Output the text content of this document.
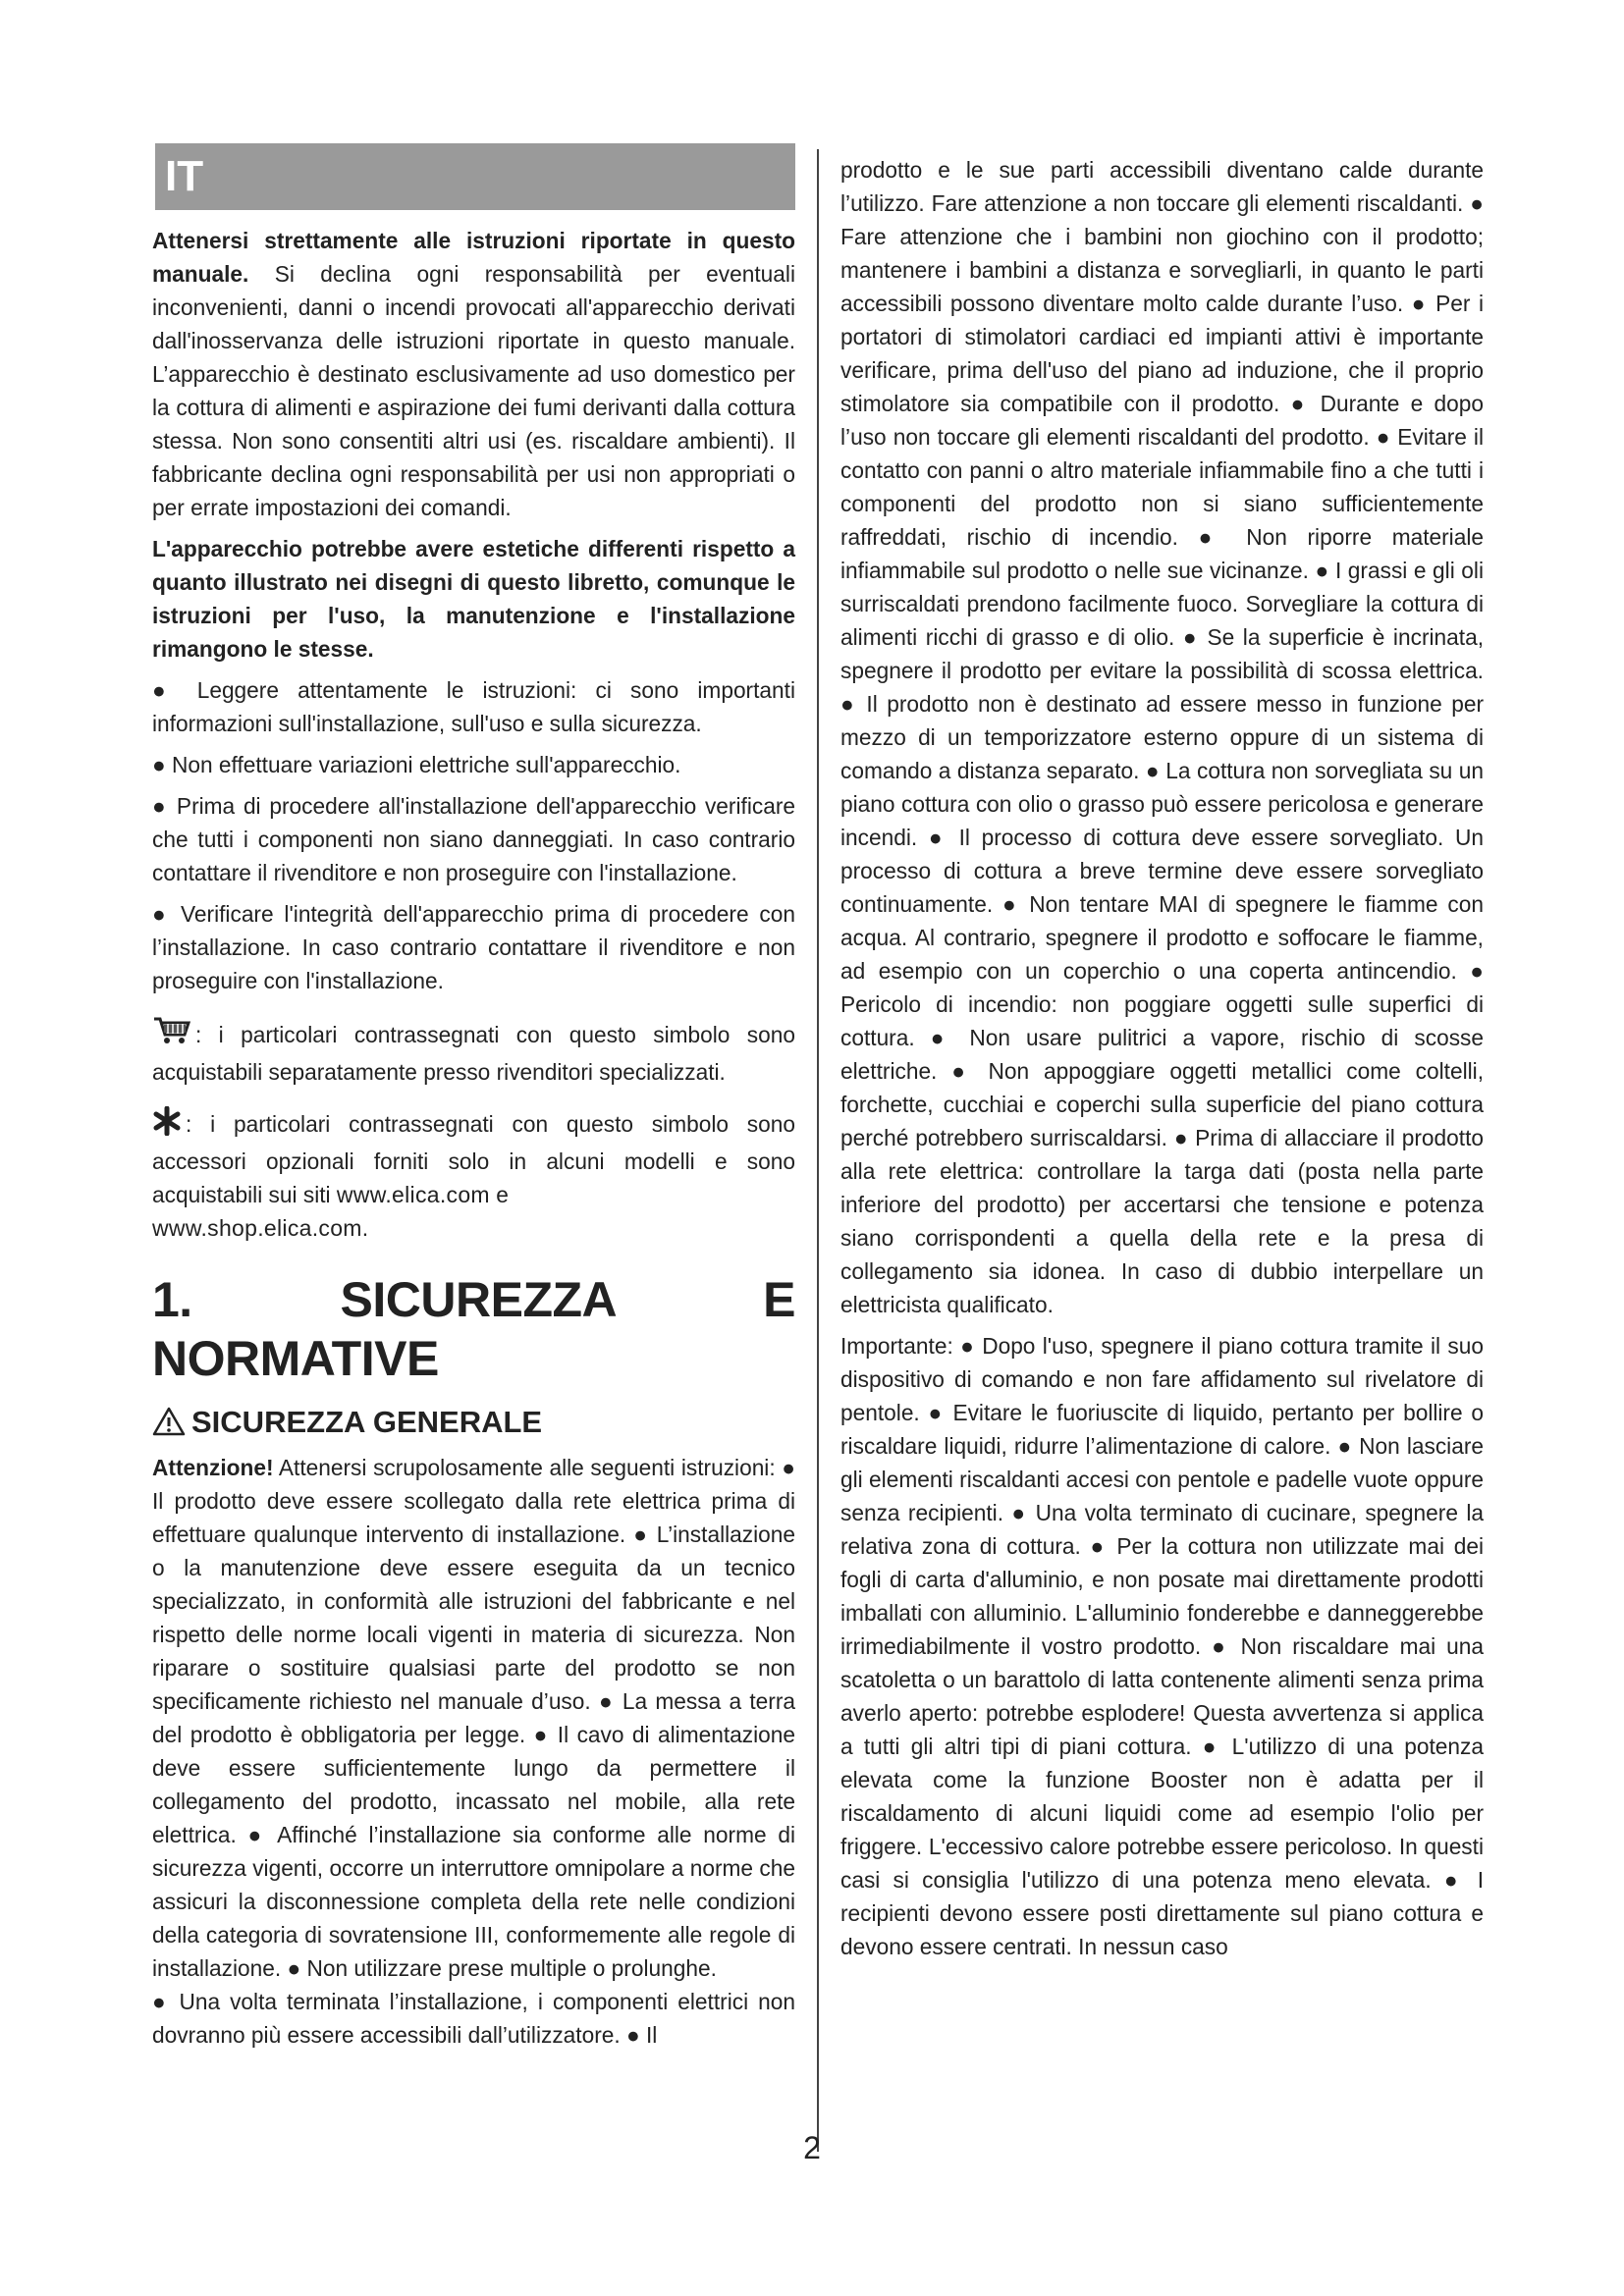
IT

Attenersi strettamente alle istruzioni riportate in questo manuale. Si declina ogni responsabilità per eventuali inconvenienti, danni o incendi provocati all'apparecchio derivati dall'inosservanza delle istruzioni riportate in questo manuale. L’apparecchio è destinato esclusivamente ad uso domestico per la cottura di alimenti e aspirazione dei fumi derivanti dalla cottura stessa. Non sono consentiti altri usi (es. riscaldare ambienti). Il fabbricante declina ogni responsabilità per usi non appropriati o per errate impostazioni dei comandi.

L'apparecchio potrebbe avere estetiche differenti rispetto a quanto illustrato nei disegni di questo libretto, comunque le istruzioni per l'uso, la manutenzione e l'installazione rimangono le stesse.

● Leggere attentamente le istruzioni: ci sono importanti informazioni sull'installazione, sull'uso e sulla sicurezza.

● Non effettuare variazioni elettriche sull'apparecchio.

● Prima di procedere all'installazione dell'apparecchio verificare che tutti i componenti non siano danneggiati. In caso contrario contattare il rivenditore e non proseguire con l'installazione.

● Verificare l'integrità dell'apparecchio prima di procedere con l’installazione. In caso contrario contattare il rivenditore e non proseguire con l'installazione.

: i particolari contrassegnati con questo simbolo sono acquistabili separatamente presso rivenditori specializzati.

: i particolari contrassegnati con questo simbolo sono accessori opzionali forniti solo in alcuni modelli e sono acquistabili sui siti www.elica.com e
www.shop.elica.com.

1. SICUREZZA E NORMATIVE
SICUREZZA GENERALE

Attenzione! Attenersi scrupolosamente alle seguenti istruzioni: ● Il prodotto deve essere scollegato dalla rete elettrica prima di effettuare qualunque intervento di installazione. ● L’installazione o la manutenzione deve essere eseguita da un tecnico specializzato, in conformità alle istruzioni del fabbricante e nel rispetto delle norme locali vigenti in materia di sicurezza. Non riparare o sostituire qualsiasi parte del prodotto se non specificamente richiesto nel manuale d’uso. ● La messa a terra del prodotto è obbligatoria per legge. ● Il cavo di alimentazione deve essere sufficientemente lungo da permettere il collegamento del prodotto, incassato nel mobile, alla rete elettrica. ● Affinché l’installazione sia conforme alle norme di sicurezza vigenti, occorre un interruttore omnipolare a norme che assicuri la disconnessione completa della rete nelle condizioni della categoria di sovratensione III, conformemente alle regole di installazione. ● Non utilizzare prese multiple o prolunghe.

● Una volta terminata l’installazione, i componenti elettrici non dovranno più essere accessibili dall’utilizzatore. ● Il

prodotto e le sue parti accessibili diventano calde durante l’utilizzo. Fare attenzione a non toccare gli elementi riscaldanti. ● Fare attenzione che i bambini non giochino con il prodotto; mantenere i bambini a distanza e sorvegliarli, in quanto le parti accessibili possono diventare molto calde durante l’uso. ● Per i portatori di stimolatori cardiaci ed impianti attivi è importante verificare, prima dell'uso del piano ad induzione, che il proprio stimolatore sia compatibile con il prodotto. ● Durante e dopo l’uso non toccare gli elementi riscaldanti del prodotto. ● Evitare il contatto con panni o altro materiale infiammabile fino a che tutti i componenti del prodotto non si siano sufficientemente raffreddati, rischio di incendio. ● Non riporre materiale infiammabile sul prodotto o nelle sue vicinanze. ● I grassi e gli oli surriscaldati prendono facilmente fuoco. Sorvegliare la cottura di alimenti ricchi di grasso e di olio. ● Se la superficie è incrinata, spegnere il prodotto per evitare la possibilità di scossa elettrica. ● Il prodotto non è destinato ad essere messo in funzione per mezzo di un temporizzatore esterno oppure di un sistema di comando a distanza separato. ● La cottura non sorvegliata su un piano cottura con olio o grasso può essere pericolosa e generare incendi. ● Il processo di cottura deve essere sorvegliato. Un processo di cottura a breve termine deve essere sorvegliato continuamente. ● Non tentare MAI di spegnere le fiamme con acqua. Al contrario, spegnere il prodotto e soffocare le fiamme, ad esempio con un coperchio o una coperta antincendio. ● Pericolo di incendio: non poggiare oggetti sulle superfici di cottura. ● Non usare pulitrici a vapore, rischio di scosse elettriche. ● Non appoggiare oggetti metallici come coltelli, forchette, cucchiai e coperchi sulla superficie del piano cottura perché potrebbero surriscaldarsi. ● Prima di allacciare il prodotto alla rete elettrica: controllare la targa dati (posta nella parte inferiore del prodotto) per accertarsi che tensione e potenza siano corrispondenti a quella della rete e la presa di collegamento sia idonea. In caso di dubbio interpellare un elettricista qualificato.

Importante: ● Dopo l'uso, spegnere il piano cottura tramite il suo dispositivo di comando e non fare affidamento sul rivelatore di pentole. ● Evitare le fuoriuscite di liquido, pertanto per bollire o riscaldare liquidi, ridurre l’alimentazione di calore. ● Non lasciare gli elementi riscaldanti accesi con pentole e padelle vuote oppure senza recipienti. ● Una volta terminato di cucinare, spegnere la relativa zona di cottura. ● Per la cottura non utilizzate mai dei fogli di carta d'alluminio, e non posate mai direttamente prodotti imballati con alluminio. L'alluminio fonderebbe e danneggerebbe irrimediabilmente il vostro prodotto. ● Non riscaldare mai una scatoletta o un barattolo di latta contenente alimenti senza prima averlo aperto: potrebbe esplodere! Questa avvertenza si applica a tutti gli altri tipi di piani cottura. ● L'utilizzo di una potenza elevata come la funzione Booster non è adatta per il riscaldamento di alcuni liquidi come ad esempio l'olio per friggere. L'eccessivo calore potrebbe essere pericoloso. In questi casi si consiglia l'utilizzo di una potenza meno elevata. ● I recipienti devono essere posti direttamente sul piano cottura e devono essere centrati. In nessun caso

2
